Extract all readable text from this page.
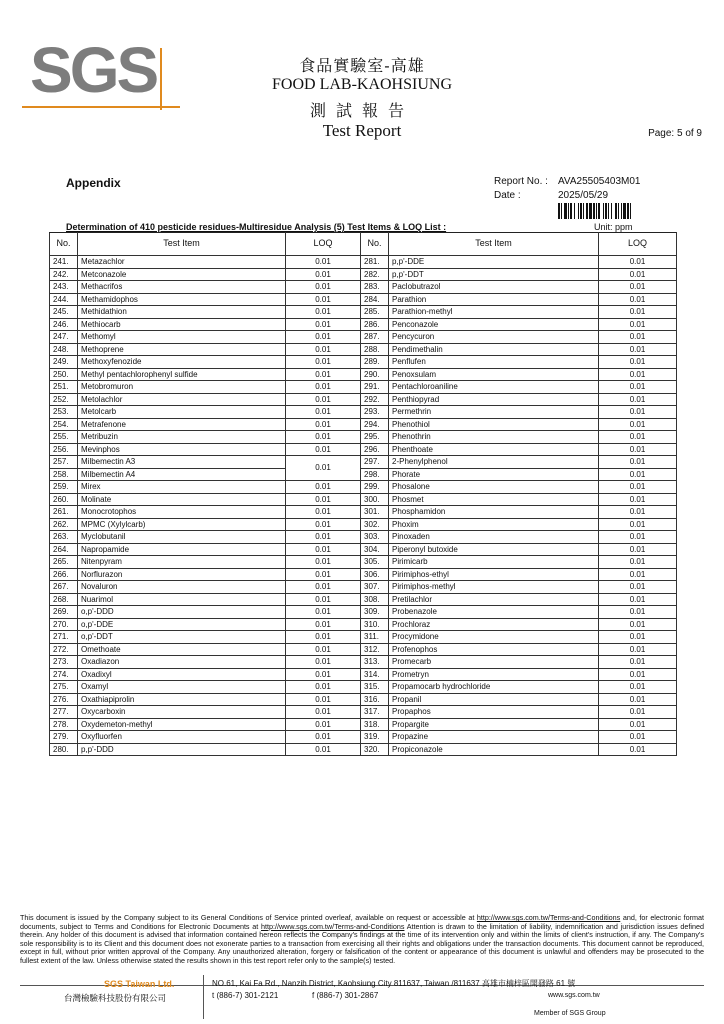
SGS	食品實驗室-高雄
FOOD LAB-KAOHSIUNG
測試報告
Test Report	Page: 5 of 9
Appendix	Report No. : AVA25505403M01
Date :	2025/05/29
Determination of 410 pesticide residues-Multiresidue Analysis (5) Test Items & LOQ List :	Unit: ppm
No.	Test Item	LOQ	No.	Test Item	LOQ
241.	Metazachlor	0.01	281.	p,p'-DDE	0.01
242.	Metconazole	0.01	282.	p,p'-DDT	0.01
243.	Methacrifos	0.01	283.	Paclobutrazol	0.01
244.	Methamidophos	0.01	284.	Parathion	0.01
245.	Methidathion	0.01	285.	Parathion-methyl	0.01
246.	Methiocarb	0.01	286.	Penconazole	0.01
247.	Methomyl	0.01	287.	Pencycuron	0.01
248.	Methoprene	0.01	288.	Pendimethalin	0.01
249.	Methoxyfenozide	0.01	289.	Penflufen	0.01
250.	Methyl pentachlorophenyl sulfide	0.01	290.	Penoxsulam	0.01
251.	Metobromuron	0.01	291.	Pentachloroaniline	0.01
252.	Metolachlor	0.01	292.	Penthiopyrad	0.01
253.	Metolcarb	0.01	293.	Permethrin	0.01
254.	Metrafenone	0.01	294.	Phenothiol	0.01
255.	Metribuzin	0.01	295.	Phenothrin	0.01
256.	Mevinphos	0.01	296.	Phenthoate	0.01
257.	Milbemectin A3	0.01	297.	2-Phenylphenol	0.01
258.	Milbemectin A4		298.	Phorate	0.01
259.	Mirex	0.01	299.	Phosalone	0.01
260.	Molinate	0.01	300.	Phosmet	0.01
261.	Monocrotophos	0.01	301.	Phosphamidon	0.01
262.	MPMC (Xylylcarb)	0.01	302.	Phoxim	0.01
263.	Myclobutanil	0.01	303.	Pinoxaden	0.01
264.	Napropamide	0.01	304.	Piperonyl butoxide	0.01
265.	Nitenpyram	0.01	305.	Pirimicarb	0.01
266.	Norflurazon	0.01	306.	Pirimiphos-ethyl	0.01
267.	Novaluron	0.01	307.	Pirimiphos-methyl	0.01
268.	Nuarimol	0.01	308.	Pretilachlor	0.01
269.	o,p'-DDD	0.01	309.	Probenazole	0.01
270.	o,p'-DDE	0.01	310.	Prochloraz	0.01
271.	o,p'-DDT	0.01	311.	Procymidone	0.01
272.	Omethoate	0.01	312.	Profenophos	0.01
273.	Oxadiazon	0.01	313.	Promecarb	0.01
274.	Oxadixyl	0.01	314.	Prometryn	0.01
275.	Oxamyl	0.01	315.	Propamocarb hydrochloride	0.01
276.	Oxathiapiprolin	0.01	316.	Propanil	0.01
277.	Oxycarboxin	0.01	317.	Propaphos	0.01
278.	Oxydemeton-methyl	0.01	318.	Propargite	0.01
279.	Oxyfluorfen	0.01	319.	Propazine	0.01
280.	p,p'-DDD	0.01	320.	Propiconazole	0.01
This document is issued by the Company subject to its General Conditions of Service printed overleaf, available on request or accessible at http://www.sgs.com.tw/Terms-and-Conditions and, for electronic format documents, subject to Terms and Conditions for Electronic Documents at http://www.sgs.com.tw/Terms-and-Conditions Attention is drawn to the limitation of liability, indemnification and jurisdiction issues defined therein. Any holder of this document is advised that information contained hereon reflects the Company's findings at the time of its intervention only and within the limits of client's instruction, if any. The Company's sole responsibility is to its Client and this document does not exonerate parties to a transaction from exercising all their rights and obligations under the transaction documents. This document cannot be reproduced, except in full, without prior written approval of the Company. Any unauthorized alteration, forgery or falsification of the content or appearance of this document is unlawful and offenders may be prosecuted to the fullest extent of the law. Unless otherwise stated the results shown in this test report refer only to the sample(s) tested.
SGS Taiwan Ltd.
台灣檢驗科技股份有限公司
NO.61, Kai Fa Rd., Nanzih District, Kaohsiung City 811637, Taiwan /811637 高雄市楠梓區開發路 61 號
t (886-7) 301-2121	f (886-7) 301-2867	www.sgs.com.tw
Member of SGS Group
